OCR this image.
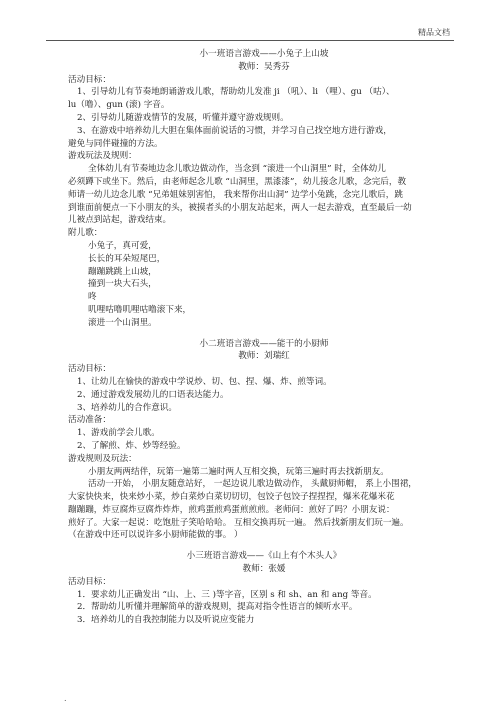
精品文档

小一班语言游戏——小兔子上山坡

教师：吴秀芬

活动目标：

1、引导幼儿有节奏地朗诵游戏儿歌，帮助幼儿发准 ji （吼）、li （哩）、gu （咕）、

lu（噜）、gun (滚) 字音。

2、引导幼儿随游戏情节的发展，听懂并遵守游戏规则。

3、在游戏中培养幼儿大胆在集体面前说话的习惯，并学习自己找空地方进行游戏，

避免与同伴碰撞的方法。

游戏玩法及规则：

全体幼儿有节奏地边念儿歌边做动作，当念到 “滚进一个山洞里” 时，全体幼儿

必须蹲下或坐下。然后，由老师起念儿歌 “山洞里，黑漆漆”，幼儿接念儿歌，念完后，教

师请一幼儿边念儿歌 “兄弟姐妹别害怕， 我来帮你出山洞” 边学小兔跳，念完儿歌后，跳

到谁面前便点一下小朋友的头，被摸者头的小朋友站起来，两人一起去游戏，直至最后一幼

儿被点到站起，游戏结束。

附儿歌：

小兔子，真可爱，

长长的耳朵短尾巴，

蹦蹦跳跳上山坡，

撞到一块大石头，

咚

叽哩咕噜叽哩咕噜滚下来，

滚进一个山洞里。

小二班语言游戏——能干的小厨师

教师：刘瑞红

活动目标：

1、让幼儿在愉快的游戏中学说炒、切、包、捏、爆、炸、煎等词。

2、通过游戏发展幼儿的口语表达能力。

3、培养幼儿的合作意识。

活动准备：

1、游戏前学会儿歌。

2、了解煎、炸、炒等经验。

游戏规则及玩法：

小朋友两两结伴，玩第一遍第二遍时两人互相交换，玩第三遍时再去找新朋友。

活动一开始， 小朋友随意站好， 一起边说儿歌边做动作， 头戴厨师帽， 系上小围裙，

大家快快来，快来炒小菜，炒白菜炒白菜切切切，包饺子包饺子捏捏捏，爆米花爆米花

蹦蹦蹦，炸豆腐炸豆腐炸炸炸，煎鸡蛋煎鸡蛋煎煎煎。老师问：煎好了吗？小朋友说：

煎好了。大家一起说：吃饱肚子笑哈哈哈。 互相交换再玩一遍。 然后找新朋友们玩一遍。

（在游戏中还可以说许多小厨师能做的事。 ）

小三班语言游戏——《山上有个木头人》

教师：张媛

活动目标：

1．要求幼儿正确发出 “山、上、三 )等字音，区别 s 和 sh、an 和 ang 等音。

2．帮助幼儿听懂并理解简单的游戏规则，提高对指令性语言的倾听水平。

3．培养幼儿的自我控制能力以及听说应变能力

.
